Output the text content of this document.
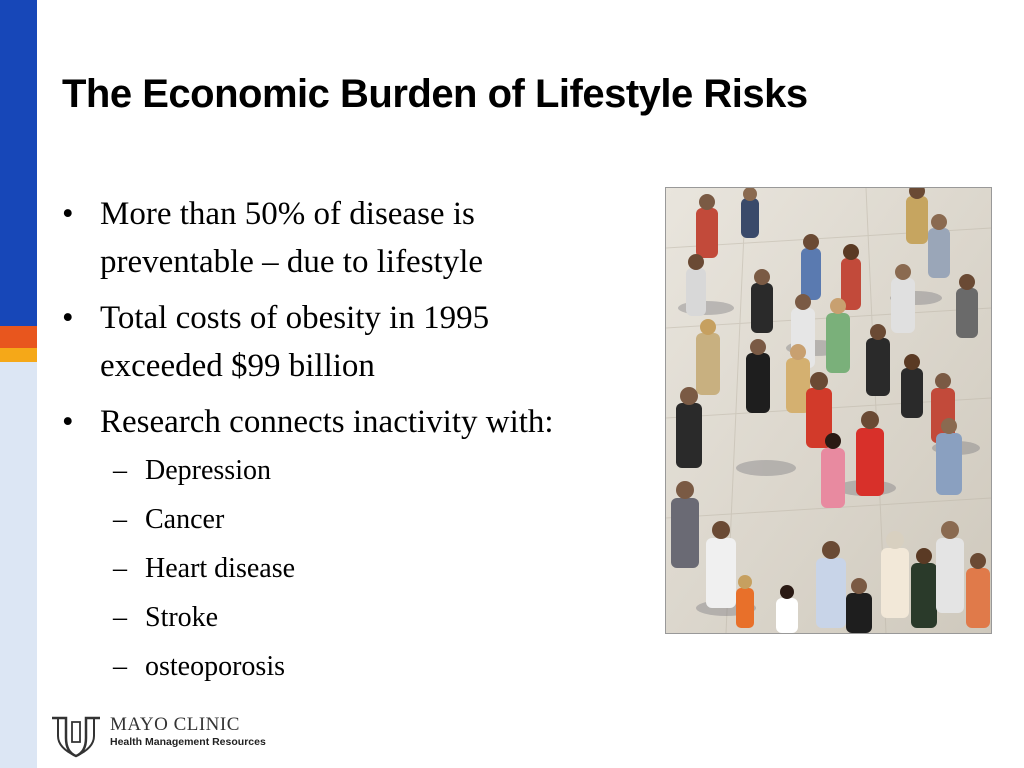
The Economic Burden of Lifestyle Risks
• More than 50% of disease is
preventable – due to lifestyle
• Total costs of obesity in 1995
exceeded $99 billion
• Research connects inactivity with:
– Depression
– Cancer
– Heart disease
– Stroke
– osteoporosis
MAYO CLINIC
Health Management Resources
